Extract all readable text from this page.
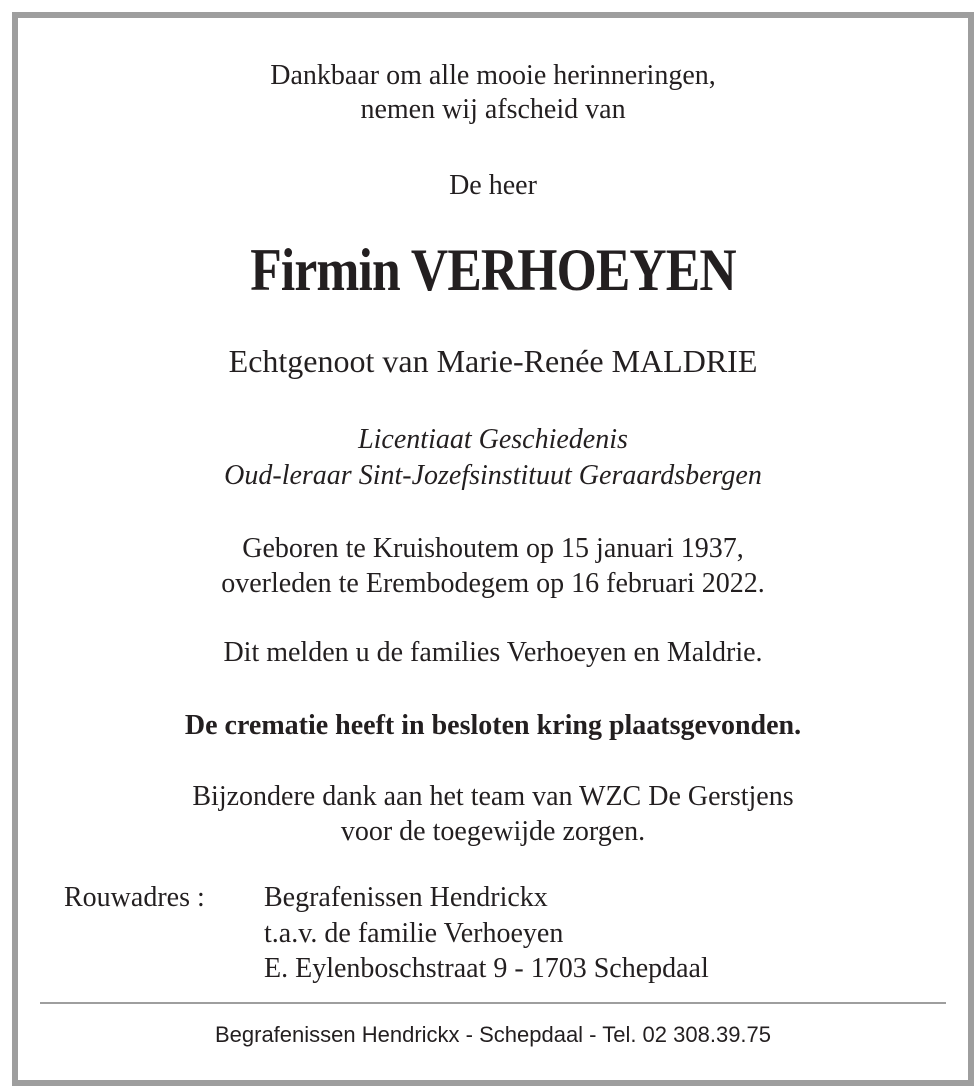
Dankbaar om alle mooie herinneringen,
nemen wij afscheid van
De heer
Firmin VERHOEYEN
Echtgenoot van Marie-Renée MALDRIE
Licentiaat Geschiedenis
Oud-leraar Sint-Jozefsinstituut Geraardsbergen
Geboren te Kruishoutem op 15 januari 1937,
overleden te Erembodegem op 16 februari 2022.
Dit melden u de families Verhoeyen en Maldrie.
De crematie heeft in besloten kring plaatsgevonden.
Bijzondere dank aan het team van WZC De Gerstjens
voor de toegewijde zorgen.
Rouwadres : Begrafenissen Hendrickx
t.a.v. de familie Verhoeyen
E. Eylenboschstraat 9 - 1703 Schepdaal
Begrafenissen Hendrickx - Schepdaal - Tel. 02 308.39.75
